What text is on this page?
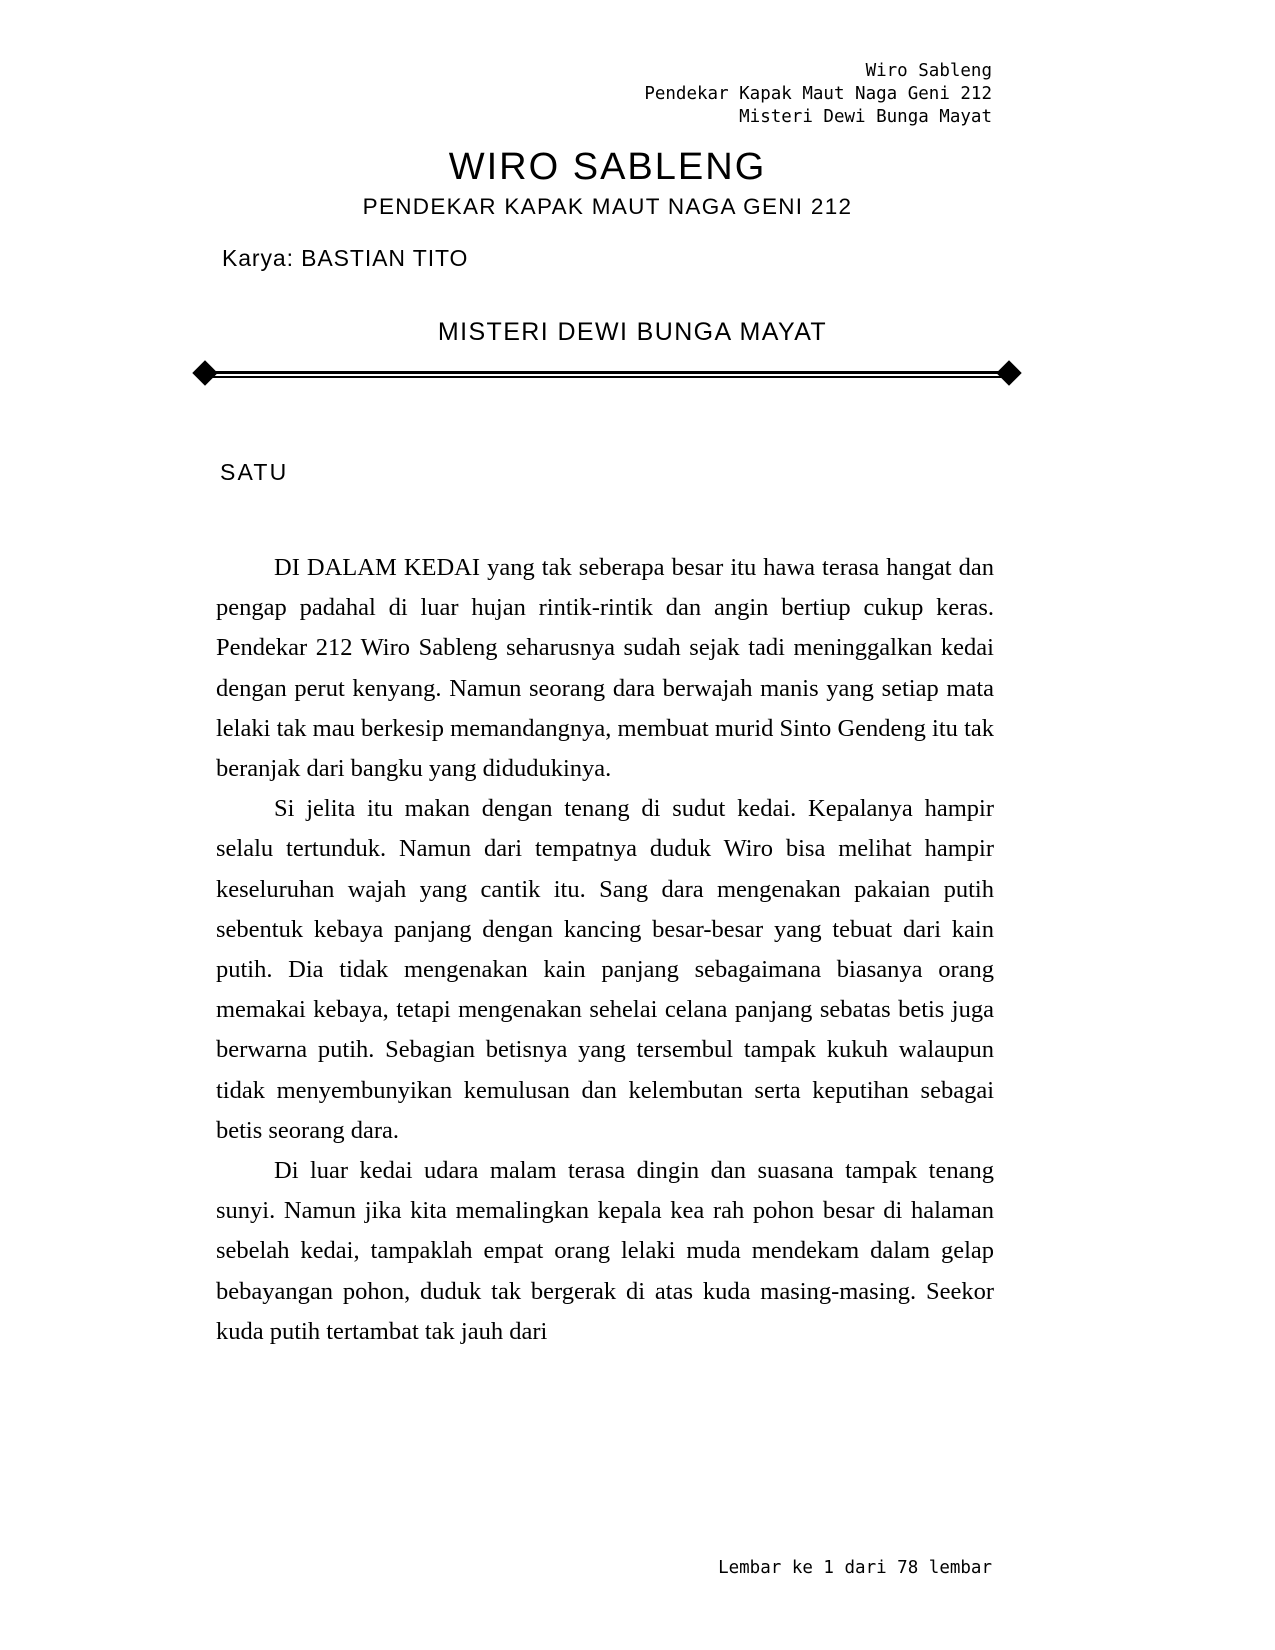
Wiro Sableng
Pendekar Kapak Maut Naga Geni 212
Misteri Dewi Bunga Mayat
WIRO SABLENG
PENDEKAR KAPAK MAUT NAGA GENI 212
Karya: BASTIAN TITO
MISTERI DEWI BUNGA MAYAT
SATU

DI DALAM KEDAI yang tak seberapa besar itu hawa terasa hangat dan pengap padahal di luar hujan rintik-rintik dan angin bertiup cukup keras. Pendekar 212 Wiro Sableng seharusnya sudah sejak tadi meninggalkan kedai dengan perut kenyang. Namun seorang dara berwajah manis yang setiap mata lelaki tak mau berkesip memandangnya, membuat murid Sinto Gendeng itu tak beranjak dari bangku yang didudukinya.

Si jelita itu makan dengan tenang di sudut kedai. Kepalanya hampir selalu tertunduk. Namun dari tempatnya duduk Wiro bisa melihat hampir keseluruhan wajah yang cantik itu. Sang dara mengenakan pakaian putih sebentuk kebaya panjang dengan kancing besar-besar yang tebuat dari kain putih. Dia tidak mengenakan kain panjang sebagaimana biasanya orang memakai kebaya, tetapi mengenakan sehelai celana panjang sebatas betis juga berwarna putih. Sebagian betisnya yang tersembul tampak kukuh walaupun tidak menyembunyikan kemulusan dan kelembutan serta keputihan sebagai betis seorang dara.

Di luar kedai udara malam terasa dingin dan suasana tampak tenang sunyi. Namun jika kita memalingkan kepala kea rah pohon besar di halaman sebelah kedai, tampaklah empat orang lelaki muda mendekam dalam gelap bebayangan pohon, duduk tak bergerak di atas kuda masing-masing. Seekor kuda putih tertambat tak jauh dari

Lembar ke 1 dari 78 lembar
